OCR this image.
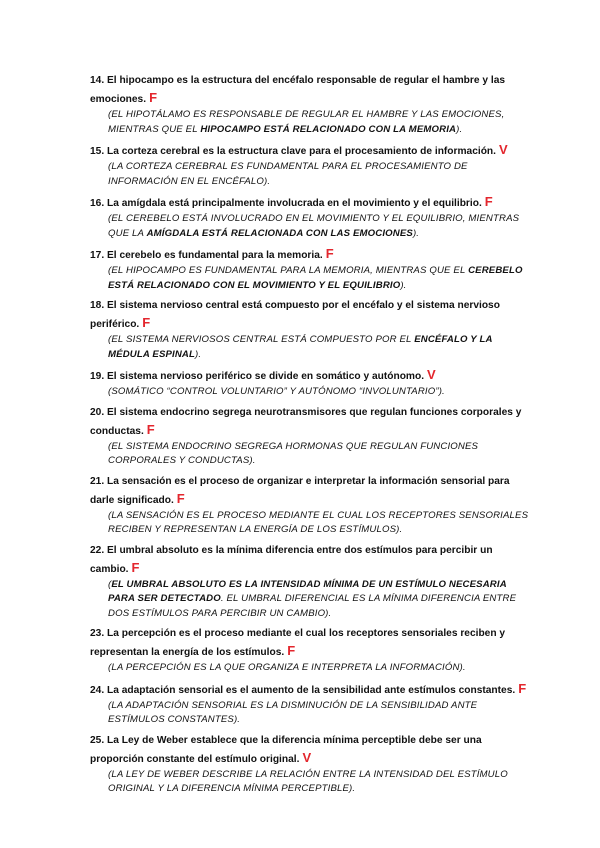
14. El hipocampo es la estructura del encéfalo responsable de regular el hambre y las emociones. F

(EL HIPOTÁLAMO ES RESPONSABLE DE REGULAR EL HAMBRE Y LAS EMOCIONES, MIENTRAS QUE EL HIPOCAMPO ESTÁ RELACIONADO CON LA MEMORIA).

15. La corteza cerebral es la estructura clave para el procesamiento de información. V

(LA CORTEZA CEREBRAL ES FUNDAMENTAL PARA EL PROCESAMIENTO DE INFORMACIÓN EN EL ENCÉFALO).

16. La amígdala está principalmente involucrada en el movimiento y el equilibrio. F

(EL CEREBELO ESTÁ INVOLUCRADO EN EL MOVIMIENTO Y EL EQUILIBRIO, MIENTRAS QUE LA AMÍGDALA ESTÁ RELACIONADA CON LAS EMOCIONES).

17. El cerebelo es fundamental para la memoria. F

(EL HIPOCAMPO ES FUNDAMENTAL PARA LA MEMORIA, MIENTRAS QUE EL CEREBELO ESTÁ RELACIONADO CON EL MOVIMIENTO Y EL EQUILIBRIO).

18. El sistema nervioso central está compuesto por el encéfalo y el sistema nervioso periférico. F

(EL SISTEMA NERVIOSOS CENTRAL ESTÁ COMPUESTO POR EL ENCÉFALO Y LA MÉDULA ESPINAL).

19. El sistema nervioso periférico se divide en somático y autónomo. V

(SOMÁTICO “CONTROL VOLUNTARIO” Y AUTÓNOMO “INVOLUNTARIO”).

20. El sistema endocrino segrega neurotransmisores que regulan funciones corporales y conductas. F

(EL SISTEMA ENDOCRINO SEGREGA HORMONAS QUE REGULAN FUNCIONES CORPORALES Y CONDUCTAS).

21. La sensación es el proceso de organizar e interpretar la información sensorial para darle significado. F

(LA SENSACIÓN ES EL PROCESO MEDIANTE EL CUAL LOS RECEPTORES SENSORIALES RECIBEN Y REPRESENTAN LA ENERGÍA DE LOS ESTÍMULOS).

22. El umbral absoluto es la mínima diferencia entre dos estímulos para percibir un cambio. F

(EL UMBRAL ABSOLUTO ES LA INTENSIDAD MÍNIMA DE UN ESTÍMULO NECESARIA PARA SER DETECTADO. EL UMBRAL DIFERENCIAL ES LA MÍNIMA DIFERENCIA ENTRE DOS ESTÍMULOS PARA PERCIBIR UN CAMBIO).

23. La percepción es el proceso mediante el cual los receptores sensoriales reciben y representan la energía de los estímulos. F

(LA PERCEPCIÓN ES LA QUE ORGANIZA E INTERPRETA LA INFORMACIÓN).

24. La adaptación sensorial es el aumento de la sensibilidad ante estímulos constantes. F

(LA ADAPTACIÓN SENSORIAL ES LA DISMINUCIÓN DE LA SENSIBILIDAD ANTE ESTÍMULOS CONSTANTES).

25. La Ley de Weber establece que la diferencia mínima perceptible debe ser una proporción constante del estímulo original. V

(LA LEY DE WEBER DESCRIBE LA RELACIÓN ENTRE LA INTENSIDAD DEL ESTÍMULO ORIGINAL Y LA DIFERENCIA MÍNIMA PERCEPTIBLE).
